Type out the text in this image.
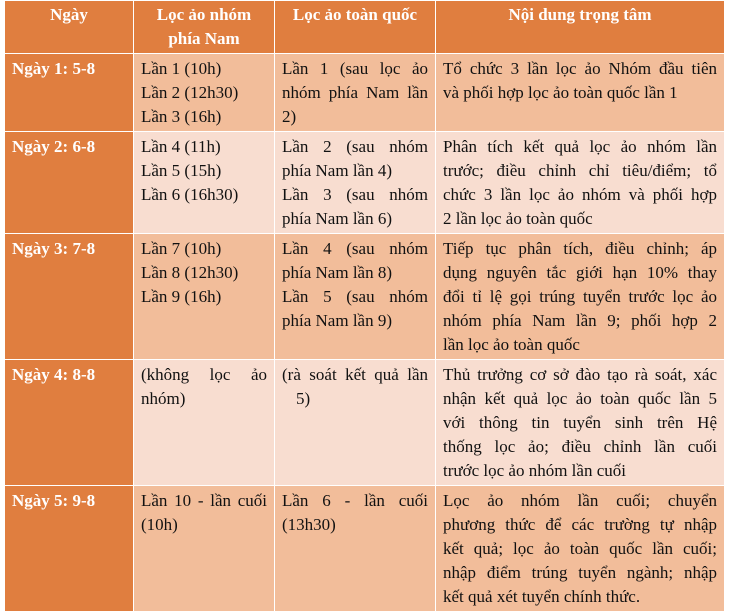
Ngày	Lọc ảo nhóm
phía Nam	Lọc ảo toàn quốc	Nội dung trọng tâm
Ngày 1: 5-8	Lần 1 (10h)
Lần 2 (12h30)
Lần 3 (16h)	Lần 1 (sau lọc ảo
nhóm phía Nam lần
2)	Tổ chức 3 lần lọc ảo Nhóm đầu tiên
và phối hợp lọc ảo toàn quốc lần 1

Ngày 2: 6-8	Lần 4 (11h)
Lần 5 (15h)
Lần 6 (16h30)	Lần 2 (sau nhóm
phía Nam lần 4)
Lần 3 (sau nhóm
phía Nam lần 6)	Phân tích kết quả lọc ảo nhóm lần
trước; điều chỉnh chỉ tiêu/điểm; tổ
chức 3 lần lọc ảo nhóm và phối hợp
2 lần lọc ảo toàn quốc

Ngày 3: 7-8	Lần 7 (10h)
Lần 8 (12h30)
Lần 9 (16h)	Lần 4 (sau nhóm
phía Nam lần 8)
Lần 5 (sau nhóm
phía Nam lần 9)	Tiếp tục phân tích, điều chỉnh; áp
dụng nguyên tắc giới hạn 10% thay
đổi tỉ lệ gọi trúng tuyển trước lọc ảo
nhóm phía Nam lần 9; phối hợp 2
lần lọc ảo toàn quốc

Ngày 4: 8-8	(không lọc ảo
nhóm)	(rà soát kết quả lần
5)	Thủ trưởng cơ sở đào tạo rà soát, xác
nhận kết quả lọc ảo toàn quốc lần 5
với thông tin tuyển sinh trên Hệ
thống lọc ảo; điều chỉnh lần cuối
trước lọc ảo nhóm lần cuối

Ngày 5: 9-8	Lần 10 - lần cuối
(10h)	Lần 6 - lần cuối
(13h30)	Lọc ảo nhóm lần cuối; chuyển
phương thức để các trường tự nhập
kết quả; lọc ảo toàn quốc lần cuối;
nhập điểm trúng tuyển ngành; nhập
kết quả xét tuyển chính thức.
